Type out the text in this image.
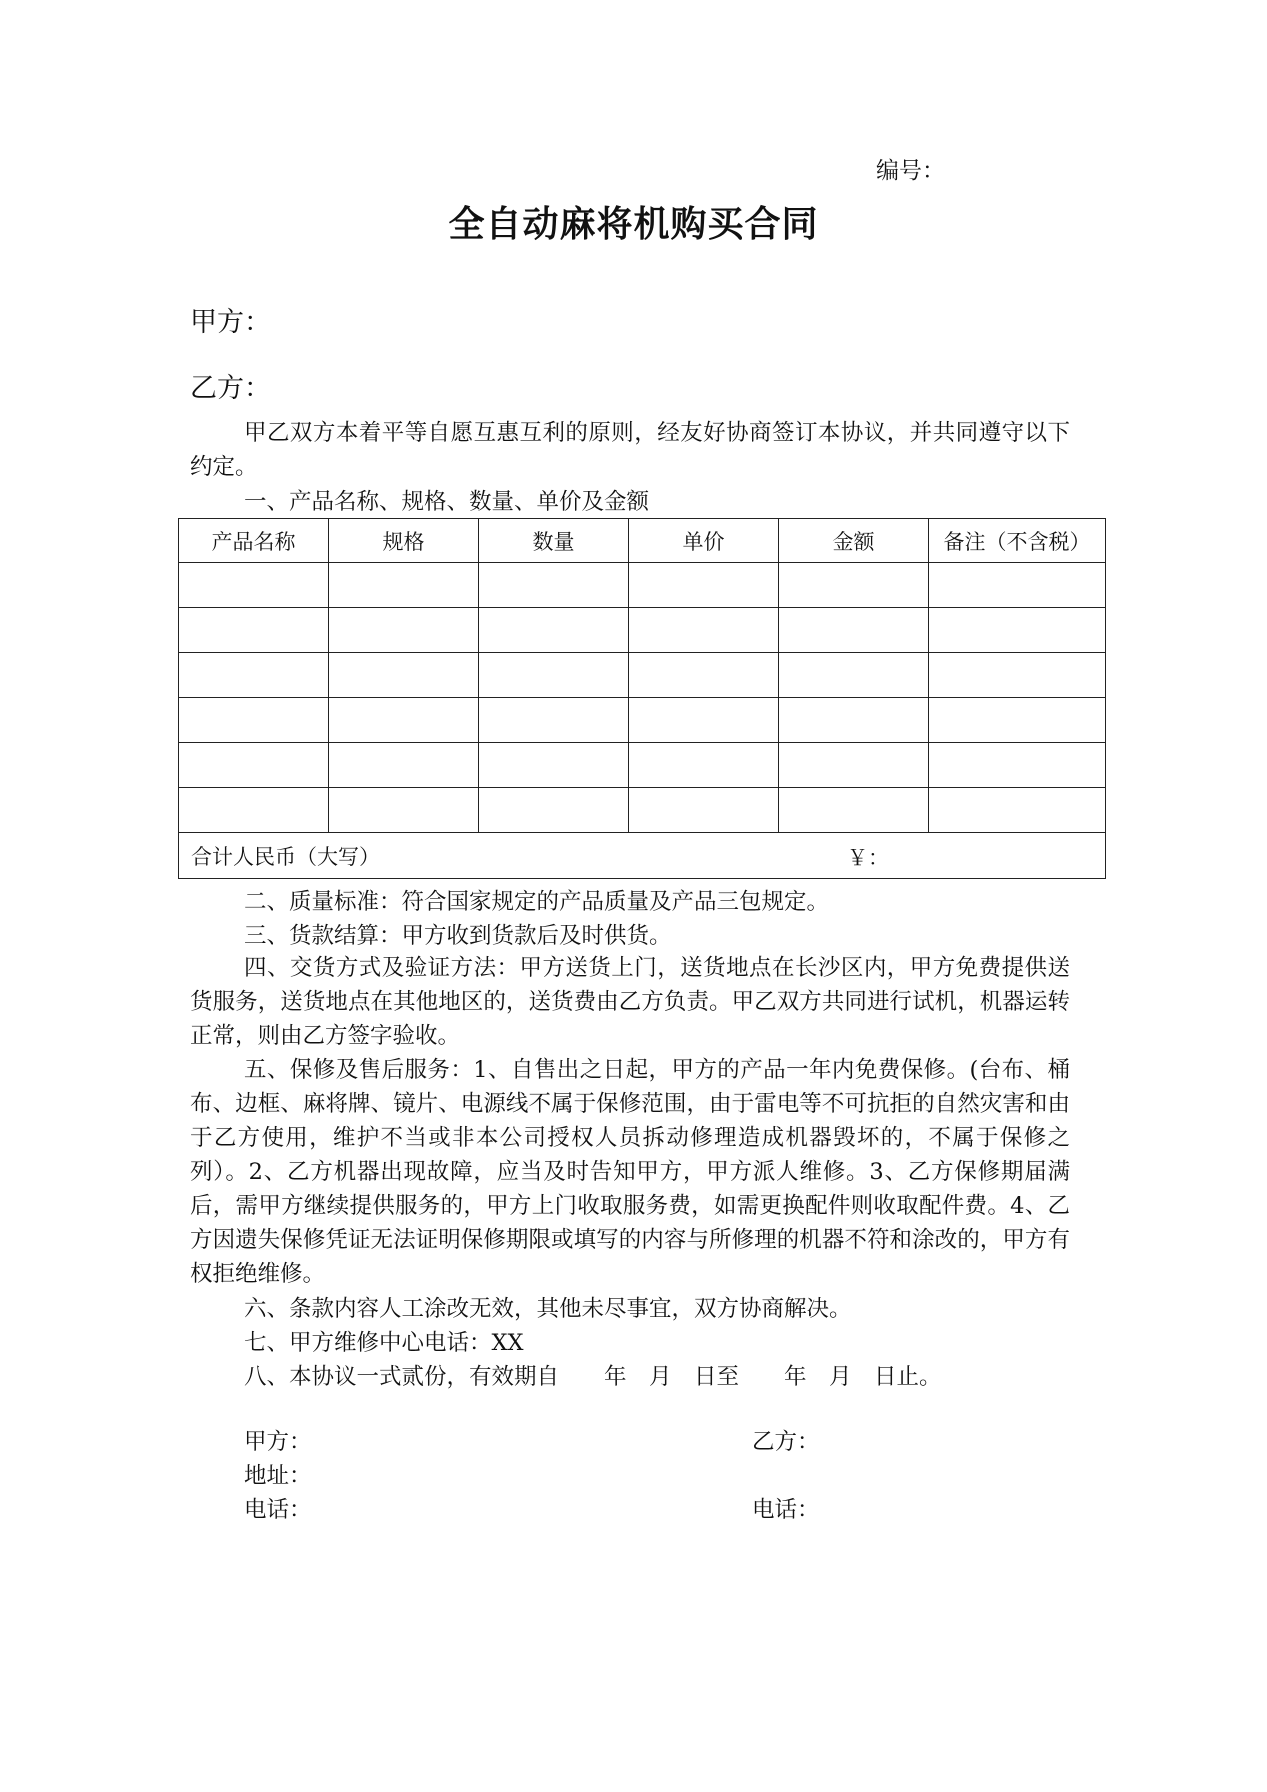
编号：
全自动麻将机购买合同
甲方：
乙方：
甲乙双方本着平等自愿互惠互利的原则，经友好协商签订本协议，并共同遵守以下约定。
一、产品名称、规格、数量、单价及金额
产品名称	规格	数量	单价	金额	备注（不含税）

合计人民币（大写） ￥：					
二、质量标准：符合国家规定的产品质量及产品三包规定。
三、货款结算：甲方收到货款后及时供货。
四、交货方式及验证方法：甲方送货上门，送货地点在长沙区内，甲方免费提供送货服务，送货地点在其他地区的，送货费由乙方负责。甲乙双方共同进行试机，机器运转正常，则由乙方签字验收。
五、保修及售后服务：1、自售出之日起，甲方的产品一年内免费保修。(台布、桶布、边框、麻将牌、镜片、电源线不属于保修范围，由于雷电等不可抗拒的自然灾害和由于乙方使用，维护不当或非本公司授权人员拆动修理造成机器毁坏的，不属于保修之列）。2、乙方机器出现故障，应当及时告知甲方，甲方派人维修。3、乙方保修期届满后，需甲方继续提供服务的，甲方上门收取服务费，如需更换配件则收取配件费。4、乙方因遗失保修凭证无法证明保修期限或填写的内容与所修理的机器不符和涂改的，甲方有权拒绝维修。
六、条款内容人工涂改无效，其他未尽事宜，双方协商解决。
七、甲方维修中心电话：XX
八、本协议一式贰份，有效期自　　年　月　日至　　年　月　日止。
甲方：
地址：
电话：
乙方：
电话：
